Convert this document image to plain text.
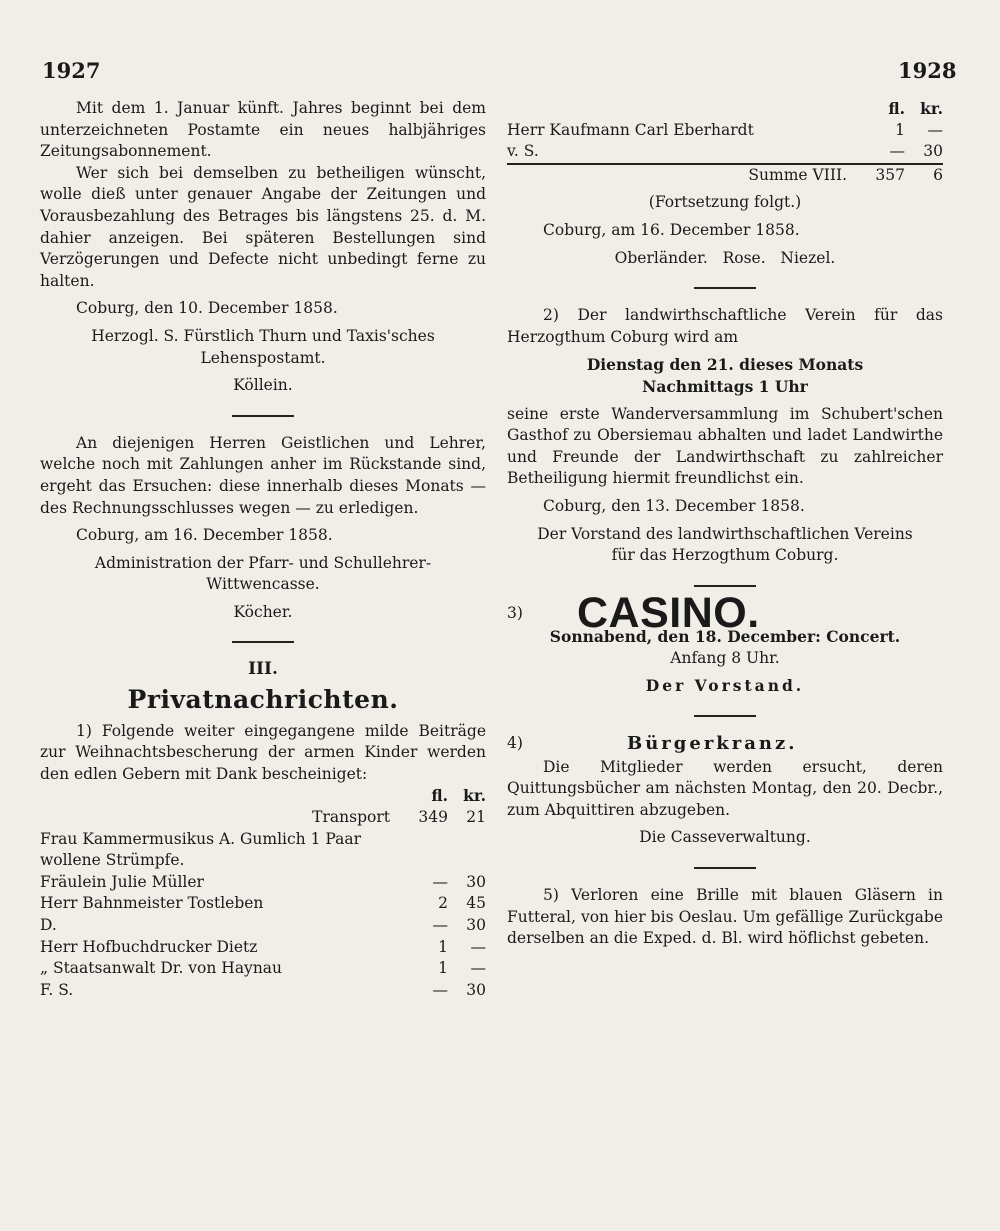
1927	1928

Mit dem 1. Januar künft. Jahres beginnt bei dem unterzeichneten Postamte ein neues halbjähriges Zeitungsabonnement.

Wer sich bei demselben zu betheiligen wünscht, wolle dieß unter genauer Angabe der Zeitungen und Vorausbezahlung des Betrages bis längstens 25. d. M. dahier anzeigen. Bei späteren Bestellungen sind Verzögerungen und Defecte nicht unbedingt ferne zu halten.

Coburg, den 10. December 1858.

Herzogl. S. Fürstlich Thurn und Taxis'sches

Lehenspostamt.

Köllein.

An diejenigen Herren Geistlichen und Lehrer, welche noch mit Zahlungen anher im Rückstande sind, ergeht das Ersuchen: diese innerhalb dieses Monats — des Rechnungsschlusses wegen — zu erledigen.

Coburg, am 16. December 1858.

Administration der Pfarr- und Schullehrer-

Wittwencasse.

Köcher.

III.
Privatnachrichten.

1) Folgende weiter eingegangene milde Beiträge zur Weihnachtsbescherung der armen Kinder werden den edlen Gebern mit Dank bescheiniget:

	fl.	kr.
Transport	349	21
Frau Kammermusikus A. Gumlich 1 Paar		
wollene Strümpfe.		
Fräulein Julie Müller	—	30
Herr Bahnmeister Tostleben	2	45
D.	—	30
Herr Hofbuchdrucker Dietz	1	—
„ Staatsanwalt Dr. von Haynau	1	—
F. S.	—	30
	fl.	kr.
Herr Kaufmann Carl Eberhardt	1	—
v. S.	—	30
Summe VIII.	357	6

(Fortsetzung folgt.)

Coburg, am 16. December 1858.

Oberländer.   Rose.   Niezel.

2) Der landwirthschaftliche Verein für das Herzogthum Coburg wird am

Dienstag den 21. dieses Monats

Nachmittags 1 Uhr

seine erste Wanderversammlung im Schubert'schen Gasthof zu Obersiemau abhalten und ladet Landwirthe und Freunde der Landwirthschaft zu zahlreicher Betheiligung hiermit freundlichst ein.

Coburg, den 13. December 1858.

Der Vorstand des landwirthschaftlichen Vereins

für das Herzogthum Coburg.

3)	CASINO.

Sonnabend, den 18. December: Concert.

Anfang 8 Uhr.

Der Vorstand.

4)	Bürgerkranz.

Die Mitglieder werden ersucht, deren Quittungsbücher am nächsten Montag, den 20. Decbr., zum Abquittiren abzugeben.

Die Casseverwaltung.

5) Verloren eine Brille mit blauen Gläsern in Futteral, von hier bis Oeslau. Um gefällige Zurückgabe derselben an die Exped. d. Bl. wird höflichst gebeten.
